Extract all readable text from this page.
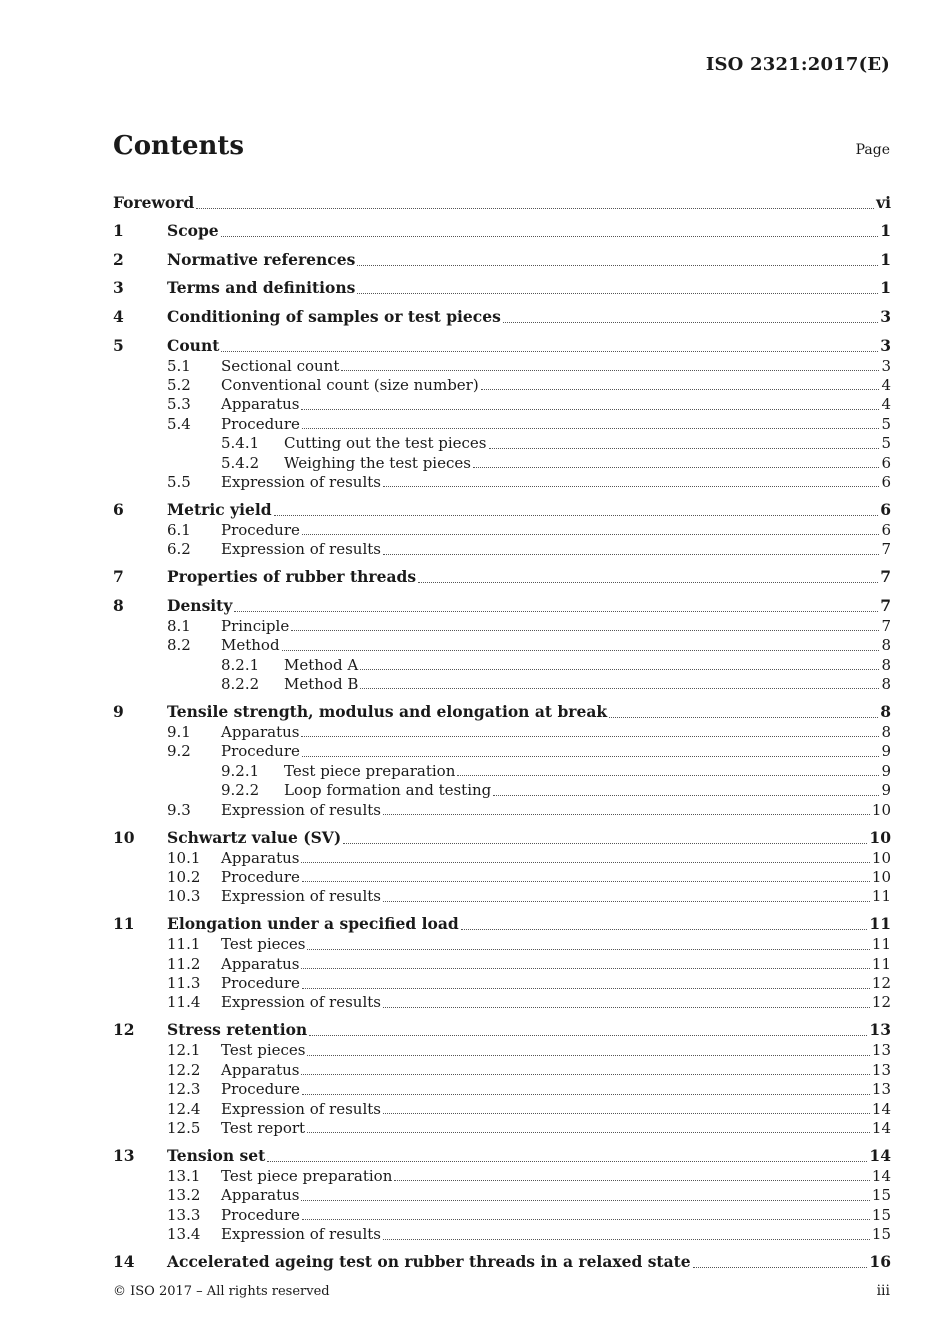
ISO 2321:2017(E)
Contents	Page
Foreword	vi
1	Scope	1
2	Normative references	1
3	Terms and definitions	1
4	Conditioning of samples or test pieces	3
5	Count	3
5.1	Sectional count	3
5.2	Conventional count (size number)	4
5.3	Apparatus	4
5.4	Procedure	5
5.4.1	Cutting out the test pieces	5
5.4.2	Weighing the test pieces	6
5.5	Expression of results	6
6	Metric yield	6
6.1	Procedure	6
6.2	Expression of results	7
7	Properties of rubber threads	7
8	Density	7
8.1	Principle	7
8.2	Method	8
8.2.1	Method A	8
8.2.2	Method B	8
9	Tensile strength, modulus and elongation at break	8
9.1	Apparatus	8
9.2	Procedure	9
9.2.1	Test piece preparation	9
9.2.2	Loop formation and testing	9
9.3	Expression of results	10
10	Schwartz value (SV)	10
10.1	Apparatus	10
10.2	Procedure	10
10.3	Expression of results	11
11	Elongation under a specified load	11
11.1	Test pieces	11
11.2	Apparatus	11
11.3	Procedure	12
11.4	Expression of results	12
12	Stress retention	13
12.1	Test pieces	13
12.2	Apparatus	13
12.3	Procedure	13
12.4	Expression of results	14
12.5	Test report	14
13	Tension set	14
13.1	Test piece preparation	14
13.2	Apparatus	15
13.3	Procedure	15
13.4	Expression of results	15
14	Accelerated ageing test on rubber threads in a relaxed state	16
© ISO 2017 – All rights reserved	iii
